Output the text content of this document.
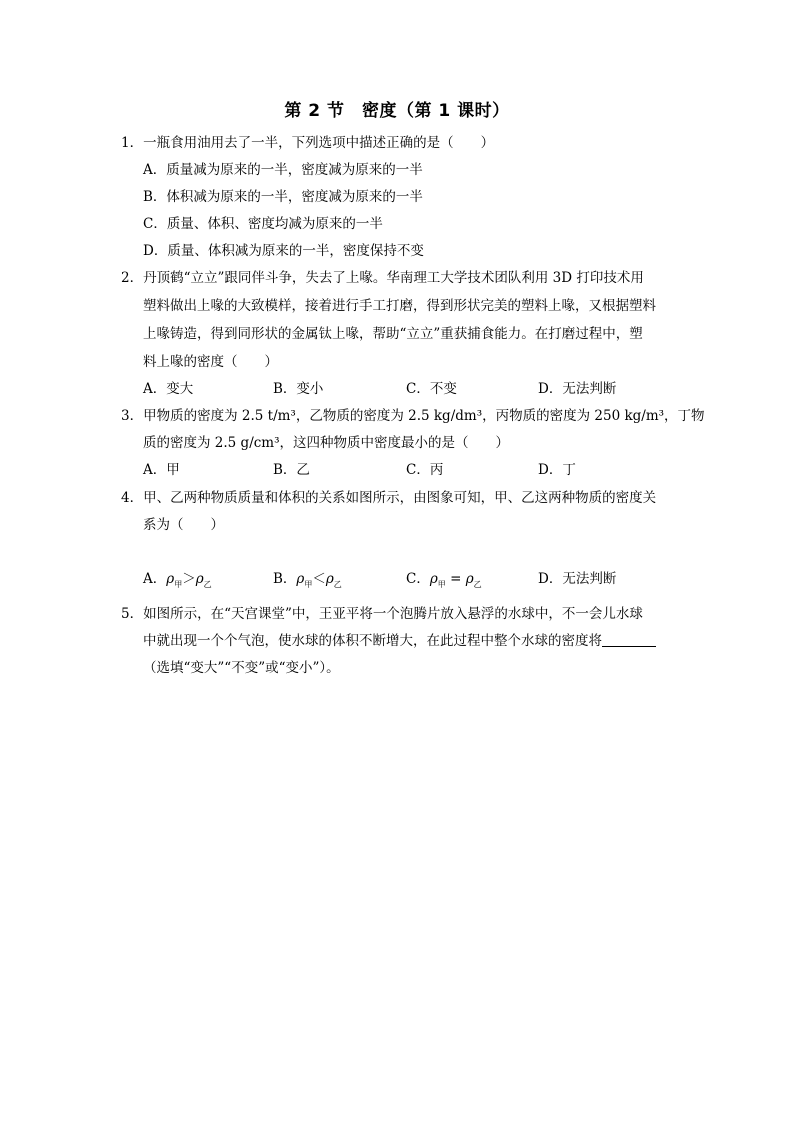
第 2 节　密度（第 1 课时）
1．一瓶食用油用去了一半，下列选项中描述正确的是（　　）
A．质量减为原来的一半，密度减为原来的一半
B．体积减为原来的一半，密度减为原来的一半
C．质量、体积、密度均减为原来的一半
D．质量、体积减为原来的一半，密度保持不变
2．丹顶鹤“立立”跟同伴斗争，失去了上喙。华南理工大学技术团队利用 3D 打印技术用
塑料做出上喙的大致模样，接着进行手工打磨，得到形状完美的塑料上喙，又根据塑料
上喙铸造，得到同形状的金属钛上喙，帮助“立立”重获捕食能力。在打磨过程中，塑
料上喙的密度（　　）
A．变大	B．变小	C．不变	D．无法判断
3．甲物质的密度为 2.5 t/m³，乙物质的密度为 2.5 kg/dm³，丙物质的密度为 250 kg/m³，丁物
质的密度为 2.5 g/cm³，这四种物质中密度最小的是（　　）
A．甲	B．乙	C．丙	D．丁
4．甲、乙两种物质质量和体积的关系如图所示，由图象可知，甲、乙这两种物质的密度关
系为（　　）
A．$\rho_甲>\rho_乙$	B．$\rho_甲<\rho_乙$	C．$\rho_甲 = \rho_乙$	D．无法判断
5．如图所示，在“天宫课堂”中，王亚平将一个泡腾片放入悬浮的水球中，不一会儿水球
中就出现一个个气泡，使水球的体积不断增大，在此过程中整个水球的密度将
（选填“变大”“不变”或“变小”）。
